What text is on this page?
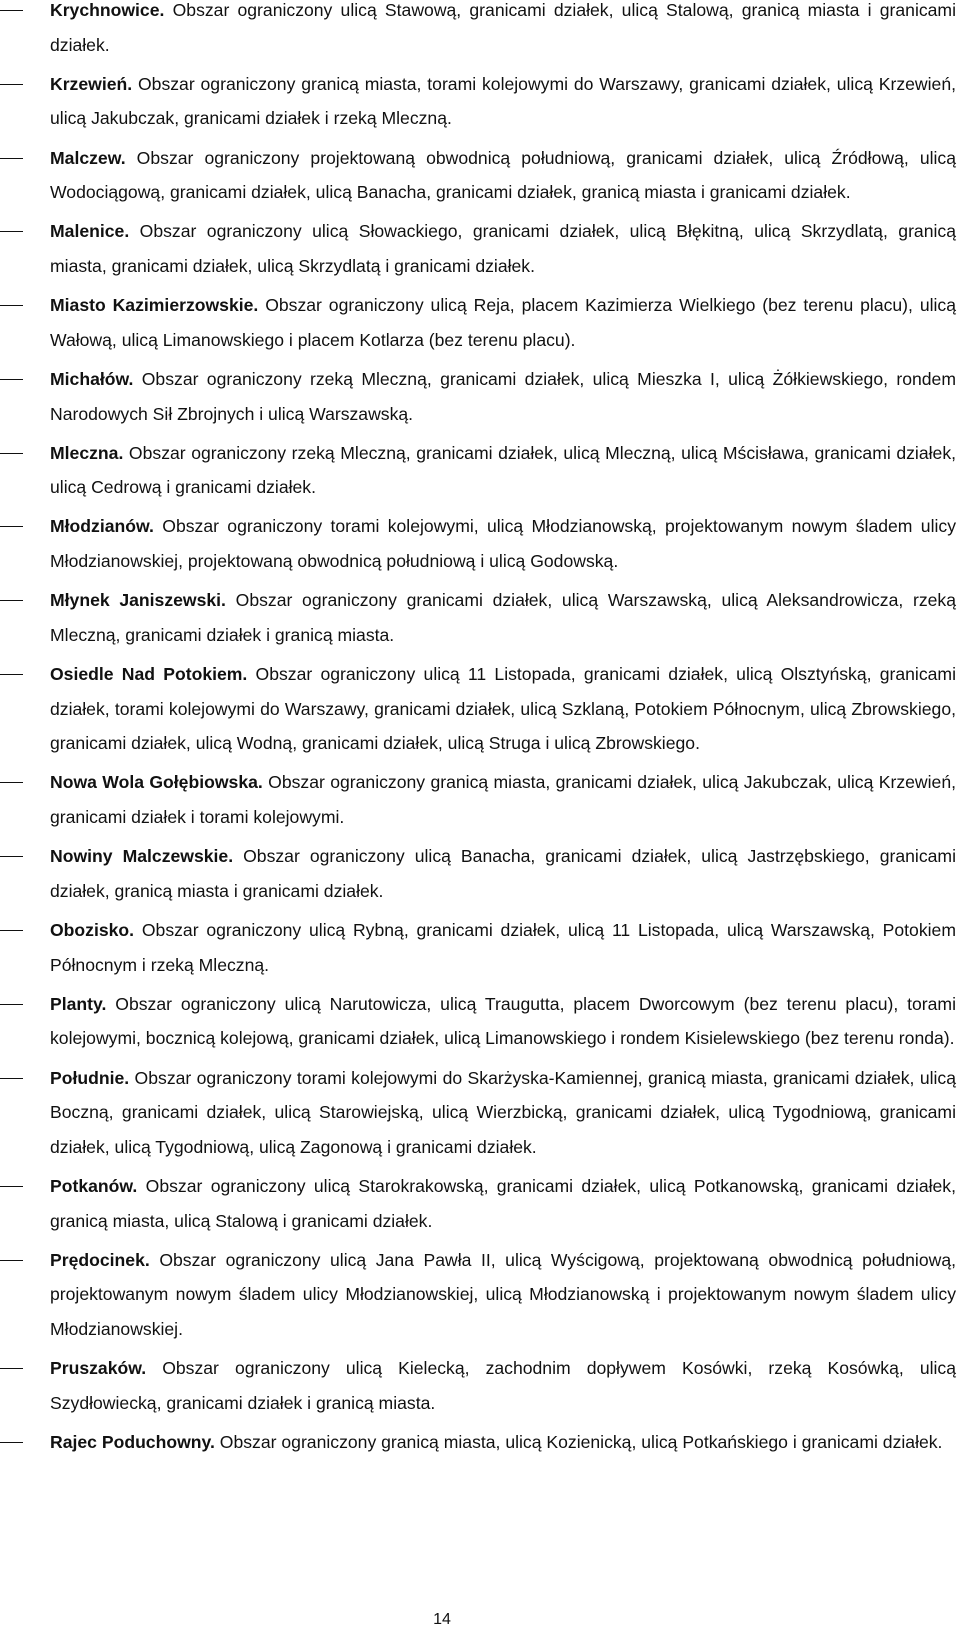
Krychnowice. Obszar ograniczony ulicą Stawową, granicami działek, ulicą Stalową, granicą miasta i granicami działek.
Krzewień. Obszar ograniczony granicą miasta, torami kolejowymi do Warszawy, granicami działek, ulicą Krzewień, ulicą Jakubczak, granicami działek i rzeką Mleczną.
Malczew. Obszar ograniczony projektowaną obwodnicą południową, granicami działek, ulicą Źródłową, ulicą Wodociągową, granicami działek, ulicą Banacha, granicami działek, granicą miasta i granicami działek.
Malenice. Obszar ograniczony ulicą Słowackiego, granicami działek, ulicą Błękitną, ulicą Skrzydlatą, granicą miasta, granicami działek, ulicą Skrzydlatą i granicami działek.
Miasto Kazimierzowskie. Obszar ograniczony ulicą Reja, placem Kazimierza Wielkiego (bez terenu placu), ulicą Wałową, ulicą Limanowskiego i placem Kotlarza (bez terenu placu).
Michałów. Obszar ograniczony rzeką Mleczną, granicami działek, ulicą Mieszka I, ulicą Żółkiewskiego, rondem Narodowych Sił Zbrojnych i ulicą Warszawską.
Mleczna. Obszar ograniczony rzeką Mleczną, granicami działek, ulicą Mleczną, ulicą Mścisława, granicami działek, ulicą Cedrową i granicami działek.
Młodzianów. Obszar ograniczony torami kolejowymi, ulicą Młodzianowską, projektowanym nowym śladem ulicy Młodzianowskiej, projektowaną obwodnicą południową i ulicą Godowską.
Młynek Janiszewski. Obszar ograniczony granicami działek, ulicą Warszawską, ulicą Aleksandrowicza, rzeką Mleczną, granicami działek i granicą miasta.
Osiedle Nad Potokiem. Obszar ograniczony ulicą 11 Listopada, granicami działek, ulicą Olsztyńską, granicami działek, torami kolejowymi do Warszawy, granicami działek, ulicą Szklaną, Potokiem Północnym, ulicą Zbrowskiego, granicami działek, ulicą Wodną, granicami działek, ulicą Struga i ulicą Zbrowskiego.
Nowa Wola Gołębiowska. Obszar ograniczony granicą miasta, granicami działek, ulicą Jakubczak, ulicą Krzewień, granicami działek i torami kolejowymi.
Nowiny Malczewskie. Obszar ograniczony ulicą Banacha, granicami działek, ulicą Jastrzębskiego, granicami działek, granicą miasta i granicami działek.
Obozisko. Obszar ograniczony ulicą Rybną, granicami działek, ulicą 11 Listopada, ulicą Warszawską, Potokiem Północnym i rzeką Mleczną.
Planty. Obszar ograniczony ulicą Narutowicza, ulicą Traugutta, placem Dworcowym (bez terenu placu), torami kolejowymi, bocznicą kolejową, granicami działek, ulicą Limanowskiego i rondem Kisielewskiego (bez terenu ronda).
Południe. Obszar ograniczony torami kolejowymi do Skarżyska-Kamiennej, granicą miasta, granicami działek, ulicą Boczną, granicami działek, ulicą Starowiejską, ulicą Wierzbicką, granicami działek, ulicą Tygodniową, granicami działek, ulicą Tygodniową, ulicą Zagonową i granicami działek.
Potkanów. Obszar ograniczony ulicą Starokrakowską, granicami działek, ulicą Potkanowską, granicami działek, granicą miasta, ulicą Stalową i granicami działek.
Prędocinek. Obszar ograniczony ulicą Jana Pawła II, ulicą Wyścigową, projektowaną obwodnicą południową, projektowanym nowym śladem ulicy Młodzianowskiej, ulicą Młodzianowską i projektowanym nowym śladem ulicy Młodzianowskiej.
Pruszaków. Obszar ograniczony ulicą Kielecką, zachodnim dopływem Kosówki, rzeką Kosówką, ulicą Szydłowiecką, granicami działek i granicą miasta.
Rajec Poduchowny. Obszar ograniczony granicą miasta, ulicą Kozienicką, ulicą Potkańskiego i granicami działek.
14
